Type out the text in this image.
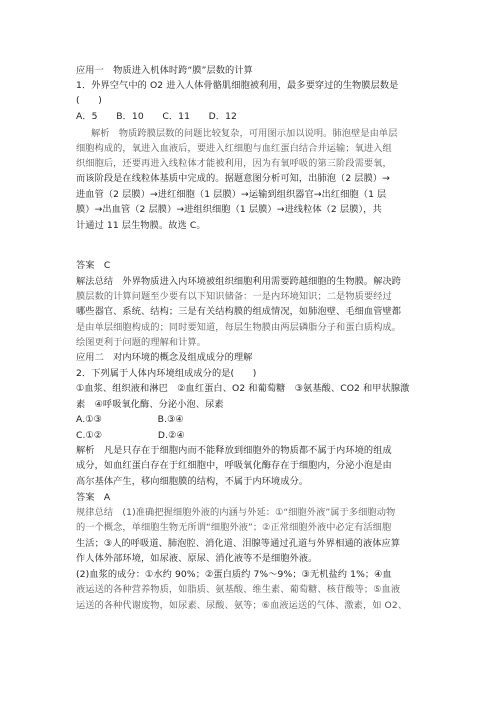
应用一　物质进入机体时跨“膜”层数的计算
1．外界空气中的 O2 进入人体骨骼肌细胞被利用，最多要穿过的生物膜层数是
(　　)
A．5　　B．10　　C．11　　D．12
解析　物质跨膜层数的问题比较复杂，可用图示加以说明。肺泡壁是由单层
细胞构成的，氧进入血液后，要进入红细胞与血红蛋白结合并运输；氧进入组
织细胞后，还要再进入线粒体才能被利用，因为有氧呼吸的第三阶段需要氧，
而该阶段是在线粒体基质中完成的。据题意图分析可知，出肺泡（2 层膜）→
进血管（2 层膜）→进红细胞（1 层膜）→运输到组织器官→出红细胞（1 层
膜）→出血管（2 层膜）→进组织细胞（1 层膜）→进线粒体（2 层膜），共
计通过 11 层生物膜。故选 C。
答案　C
解法总结　外界物质进入内环境被组织细胞利用需要跨越细胞的生物膜。解决跨
膜层数的计算问题至少要有以下知识储备：一是内环境知识；二是物质要经过
哪些器官、系统、结构；三是有关结构膜的组成情况，如肺泡壁、毛细血管壁都
是由单层细胞构成的；同时要知道，每层生物膜由两层磷脂分子和蛋白质构成。
绘图更利于问题的理解和计算。
应用二　对内环境的概念及组成成分的理解
2．下列属于人体内环境组成成分的是(　　)
①血浆、组织液和淋巴　②血红蛋白、O2 和葡萄糖　③氨基酸、CO2 和甲状腺激
素　④呼吸氧化酶、分泌小泡、尿素
A.①③　　　　　　B.③④
C.①②　　　　　　D.②④
解析　凡是只存在于细胞内而不能释放到细胞外的物质都不属于内环境的组成
成分，如血红蛋白存在于红细胞中，呼吸氧化酶存在于细胞内，分泌小泡是由
高尔基体产生，移向细胞膜的结构，不属于内环境成分。
答案　A
规律总结　(1)准确把握细胞外液的内涵与外延：①“细胞外液”属于多细胞动物
的一个概念，单细胞生物无所谓“细胞外液”；②正常细胞外液中必定有活细胞
生活；③人的呼吸道、肺泡腔、消化道、泪腺等通过孔道与外界相通的液体应算
作人体外部环境，如尿液、原尿、消化液等不是细胞外液。
(2)血浆的成分：①水约 90%；②蛋白质约 7%～9%；③无机盐约 1%；④血
液运送的各种营养物质，如脂质、氨基酸、维生素、葡萄糖、核苷酸等；⑤血液
运送的各种代谢废物，如尿素、尿酸、氨等；⑥血液运送的气体、激素，如 O2、
